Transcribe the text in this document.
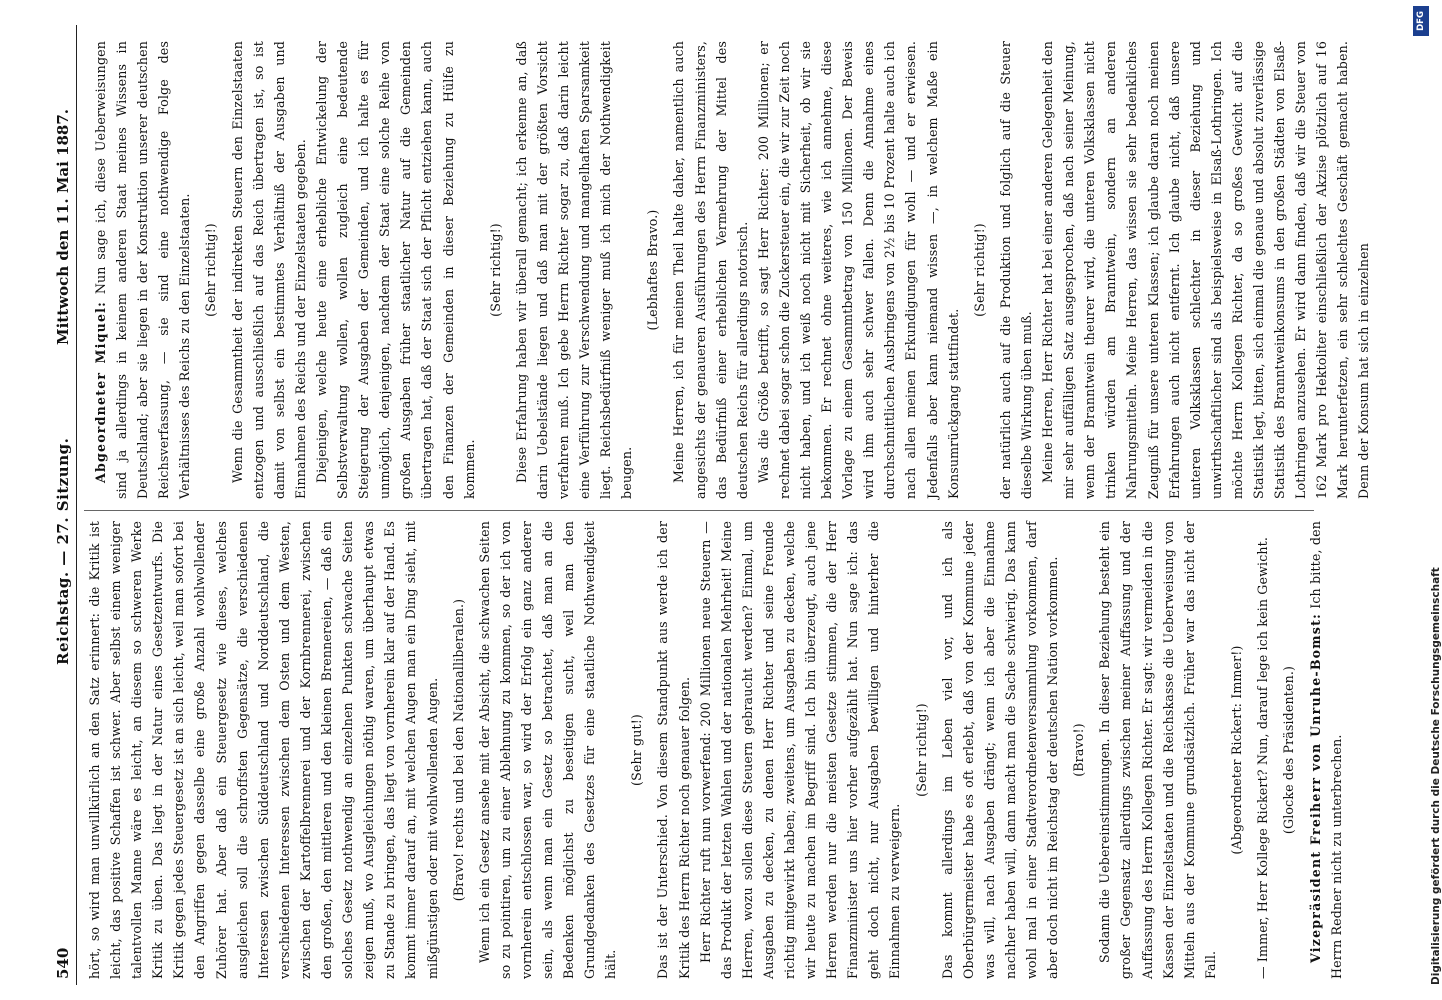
540
Reichstag. — 27. Sitzung.
Mittwoch den 11. Mai 1887.

hört, so wird man unwillkürlich an den Satz erinnert: die Kritik ist leicht, das positive Schaffen ist schwer. Aber selbst einem weniger talentvollen Manne wäre es leicht, an diesem so schweren Werke Kritik zu üben. Das liegt in der Natur eines Gesetzentwurfs. Die Kritik gegen jedes Steuergesetz ist an sich leicht, weil man sofort bei den Angriffen gegen dasselbe eine große Anzahl wohlwollender Zuhörer hat. Aber daß ein Steuergesetz wie dieses, welches ausgleichen soll die schroffsten Gegensätze, die verschiedenen Interessen zwischen Süddeutschland und Norddeutschland, die verschiedenen Interessen zwischen dem Osten und dem Westen, zwischen der Kartoffelbrennerei und der Kornbrennerei, zwischen den großen, den mittleren und den kleinen Brennereien, — daß ein solches Gesetz nothwendig an einzelnen Punkten schwache Seiten zeigen muß, wo Ausgleichungen nöthig waren, um überhaupt etwas zu Stande zu bringen, das liegt von vornherein klar auf der Hand. Es kommt immer darauf an, mit welchen Augen man ein Ding sieht, mit mißgünstigen oder mit wohlwollenden Augen. (Bravo! rechts und bei den Nationalliberalen.) Wenn ich ein Gesetz ansehe mit der Absicht, die schwachen Seiten so zu pointiren, um zu einer Ablehnung zu kommen, so der ich von vornherein entschlossen war, so wird der Erfolg ein ganz anderer sein, als wenn man ein Gesetz so betrachtet, daß man an die Bedenken möglichst zu beseitigen sucht, weil man den Grundgedanken des Gesetzes für eine staatliche Nothwendigkeit hält.

(Sehr gut!) Das ist der Unterschied. Von diesem Standpunkt aus werde ich der Kritik des Herrn Richter noch genauer folgen. Herr Richter ruft nun vorwerfend: 200 Millionen neue Steuern — das Produkt der letzten Wahlen und der nationalen Mehrheit! Meine Herren, wozu sollen diese Steuern gebraucht werden? Einmal, um Ausgaben zu decken, zu denen Herr Richter und seine Freunde richtig mitgewirkt haben; zweitens, um Ausgaben zu decken, welche wir heute zu machen im Begriff sind. Ich bin überzeugt, auch jene Herren werden nur die meisten Gesetze stimmen, die der Herr Finanzminister uns hier vorher aufgezählt hat. Nun sage ich: das geht doch nicht, nur Ausgaben bewilligen und hinterher die Einnahmen zu verweigern.

(Sehr richtig!) Das kommt allerdings im Leben viel vor, und ich als Oberbürgermeister habe es oft erlebt, daß von der Kommune jeder was will, nach Ausgaben drängt; wenn ich aber die Einnahme nachher haben will, dann macht man die Sache schwierig. Das kann wohl mal in einer Stadtverordnetenversammlung vorkommen, darf aber doch nicht im Reichstag der deutschen Nation vorkommen. (Bravo!) Sodann die Uebereinstimmungen. In dieser Beziehung besteht ein großer Gegensatz allerdings zwischen meiner Auffassung und der Auffassung des Herrn Kollegen Richter. Er sagt: wir vermeiden in die Kassen der Einzelstaaten und die Reichskasse die Ueberweisung von Mitteln aus der Kommune grundsätzlich. Früher war das nicht der Fall.

(Abgeordneter Rickert: Immer!) — Immer, Herr Kollege Rickert? Nun, darauf lege ich kein Gewicht. (Glocke des Präsidenten.) Vizepräsident Freiherr von Unruhe-Bomst: Ich bitte, den Herrn Redner nicht zu unterbrechen.

Abgeordneter Miquel: Nun sage ich, diese Ueberweisungen sind ja allerdings in keinem anderen Staat meines Wissens in Deutschland; aber sie liegen in der Konstruktion unserer deutschen Reichsverfassung, — sie sind eine nothwendige Folge des Verhältnisses des Reichs zu den Einzelstaaten. (Sehr richtig!) Wenn die Gesammtheit der indirekten Steuern den Einzelstaaten entzogen und ausschließlich auf das Reich übertragen ist, so ist damit von selbst ein bestimmtes Verhältniß der Ausgaben und Einnahmen des Reichs und der Einzelstaaten gegeben. Diejenigen, welche heute eine erhebliche Entwickelung der Selbstverwaltung wollen, wollen zugleich eine bedeutende Steigerung der Ausgaben der Gemeinden, und ich halte es für unmöglich, denjenigen, nachdem der Staat eine solche Reihe von großen Ausgaben früher staatlicher Natur auf die Gemeinden übertragen hat, daß der Staat sich der Pflicht entziehen kann, auch den Finanzen der Gemeinden in dieser Beziehung zu Hülfe zu kommen.

(Sehr richtig!) Diese Erfahrung haben wir überall gemacht; ich erkenne an, daß darin Uebelstände liegen und daß man mit der größten Vorsicht verfahren muß. Ich gebe Herrn Richter sogar zu, daß darin leicht eine Verführung zur Verschwendung und mangelhaften Sparsamkeit liegt. Reichsbedürfniß weniger muß ich mich der Nothwendigkeit beugen.

(Lebhaftes Bravo.) Meine Herren, ich für meinen Theil halte daher, namentlich auch angesichts der genaueren Ausführungen des Herrn Finanzministers, das Bedürfniß einer erheblichen Vermehrung der Mittel des deutschen Reichs für allerdings notorisch. Was die Größe betrifft, so sagt Herr Richter: 200 Millionen; er rechnet dabei sogar schon die Zuckersteuer ein, die wir zur Zeit noch nicht haben, und ich weiß noch nicht mit Sicherheit, ob wir sie bekommen. Er rechnet ohne weiteres, wie ich annehme, diese Vorlage zu einem Gesammtbetrag von 150 Millionen. Der Beweis wird ihm auch sehr schwer fallen. Denn die Annahme eines durchschnittlichen Ausbringens von 2½ bis 10 Prozent halte auch ich nach allen meinen Erkundigungen für wohl — und er erwiesen. Jedenfalls aber kann niemand wissen —, in welchem Maße ein Konsumrückgang stattfindet.

(Sehr richtig!) der natürlich auch auf die Produktion und folglich auf die Steuer dieselbe Wirkung üben muß. Meine Herren, Herr Richter hat bei einer anderen Gelegenheit den mir sehr auffälligen Satz ausgesprochen, daß nach seiner Meinung, wenn der Branntwein theurer wird, die unteren Volksklassen nicht trinken würden am Branntwein, sondern an anderen Nahrungsmitteln. Meine Herren, das wissen sie sehr bedenkliches Zeugniß für unsere unteren Klassen; ich glaube daran noch meinen Erfahrungen auch nicht entfernt. Ich glaube nicht, daß unsere unteren Volksklassen schlechter in dieser Beziehung und unwirthschaftlicher sind als beispielsweise in Elsaß-Lothringen. Ich möchte Herrn Kollegen Richter, da so großes Gewicht auf die Statistik legt, bitten, sich einmal die genaue und absolut zuverlässige Statistik des Branntweinkonsums in den großen Städten von Elsaß-Lothringen anzusehen. Er wird dann finden, daß wir die Steuer von 162 Mark pro Hektoliter einschließlich der Akzise plötzlich auf 16 Mark herunterfetzen, ein sehr schlechtes Geschäft gemacht haben. Denn der Konsum hat sich in einzelnen

Digitalisierung gefördert durch die Deutsche Forschungsgemeinschaft
DFG
